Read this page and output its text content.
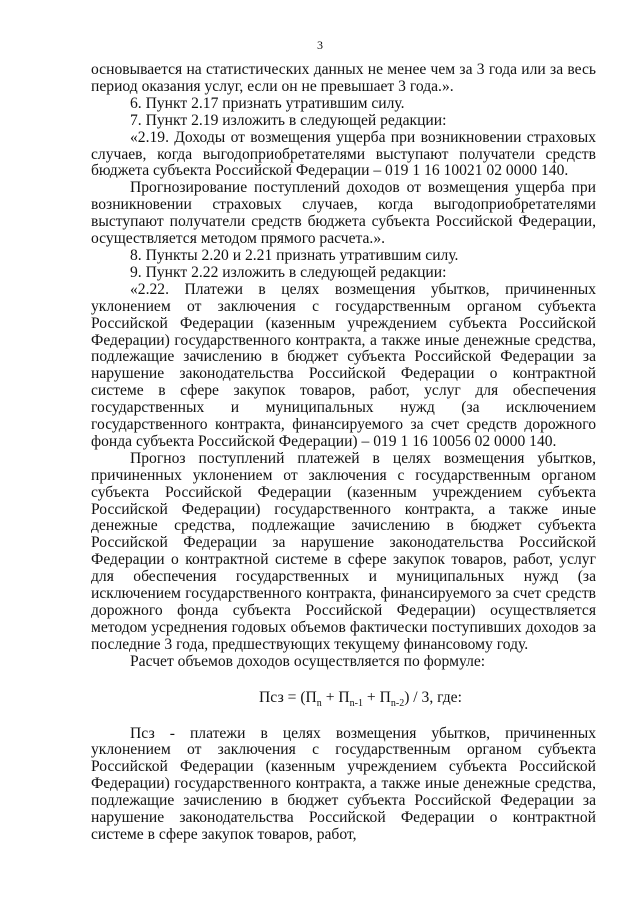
3

основывается на статистических данных не менее чем за 3 года или за весь период оказания услуг, если он не превышает 3 года.».

6. Пункт 2.17 признать утратившим силу.

7. Пункт 2.19 изложить в следующей редакции:

«2.19. Доходы от возмещения ущерба при возникновении страховых случаев, когда выгодоприобретателями выступают получатели средств бюджета субъекта Российской Федерации – 019 1 16 10021 02 0000 140.

Прогнозирование поступлений доходов от возмещения ущерба при возникновении страховых случаев, когда выгодоприобретателями выступают получатели средств бюджета субъекта Российской Федерации, осуществляется методом прямого расчета.».

8. Пункты 2.20 и 2.21 признать утратившим силу.

9. Пункт 2.22 изложить в следующей редакции:

«2.22. Платежи в целях возмещения убытков, причиненных уклонением от заключения с государственным органом субъекта Российской Федерации (казенным учреждением субъекта Российской Федерации) государственного контракта, а также иные денежные средства, подлежащие зачислению в бюджет субъекта Российской Федерации за нарушение законодательства Российской Федерации о контрактной системе в сфере закупок товаров, работ, услуг для обеспечения государственных и муниципальных нужд (за исключением государственного контракта, финансируемого за счет средств дорожного фонда субъекта Российской Федерации) – 019 1 16 10056 02 0000 140.

Прогноз поступлений платежей в целях возмещения убытков, причиненных уклонением от заключения с государственным органом субъекта Российской Федерации (казенным учреждением субъекта Российской Федерации) государственного контракта, а также иные денежные средства, подлежащие зачислению в бюджет субъекта Российской Федерации за нарушение законодательства Российской Федерации о контрактной системе в сфере закупок товаров, работ, услуг для обеспечения государственных и муниципальных нужд (за исключением государственного контракта, финансируемого за счет средств дорожного фонда субъекта Российской Федерации) осуществляется методом усреднения годовых объемов фактически поступивших доходов за последние 3 года, предшествующих текущему финансовому году.

Расчет объемов доходов осуществляется по формуле:

Псз = $(П_n + П_{n-1} + П_{n-2}) / 3$, где:

Псз - платежи в целях возмещения убытков, причиненных уклонением от заключения с государственным органом субъекта Российской Федерации (казенным учреждением субъекта Российской Федерации) государственного контракта, а также иные денежные средства, подлежащие зачислению в бюджет субъекта Российской Федерации за нарушение законодательства Российской Федерации о контрактной системе в сфере закупок товаров, работ,
